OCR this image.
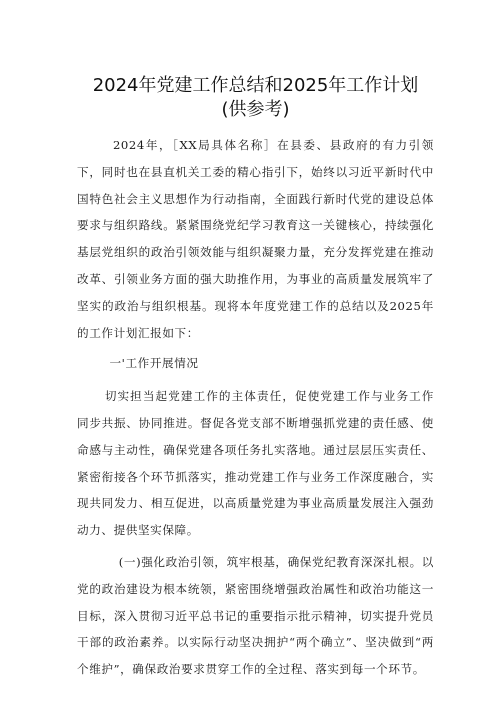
2024年党建工作总结和2025年工作计划
(供参考)

2024年，［XX局具体名称］在县委、县政府的有力引领下，同时也在县直机关工委的精心指引下，始终以习近平新时代中国特色社会主义思想作为行动指南，全面践行新时代党的建设总体要求与组织路线。紧紧围绕党纪学习教育这一关键核心，持续强化基层党组织的政治引领效能与组织凝聚力量，充分发挥党建在推动改革、引领业务方面的强大助推作用，为事业的高质量发展筑牢了坚实的政治与组织根基。现将本年度党建工作的总结以及2025年的工作计划汇报如下：

一'工作开展情况

切实担当起党建工作的主体责任，促使党建工作与业务工作同步共振、协同推进。督促各党支部不断增强抓党建的责任感、使命感与主动性，确保党建各项任务扎实落地。通过层层压实责任、紧密衔接各个环节抓落实，推动党建工作与业务工作深度融合，实现共同发力、相互促进，以高质量党建为事业高质量发展注入强劲动力、提供坚实保障。

(一)强化政治引领，筑牢根基，确保党纪教育深深扎根。以党的政治建设为根本统领，紧密围绕增强政治属性和政治功能这一目标，深入贯彻习近平总书记的重要指示批示精神，切实提升党员干部的政治素养。以实际行动坚决拥护“两个确立”、坚决做到“两个维护”，确保政治要求贯穿工作的全过程、落实到每一个环节。
